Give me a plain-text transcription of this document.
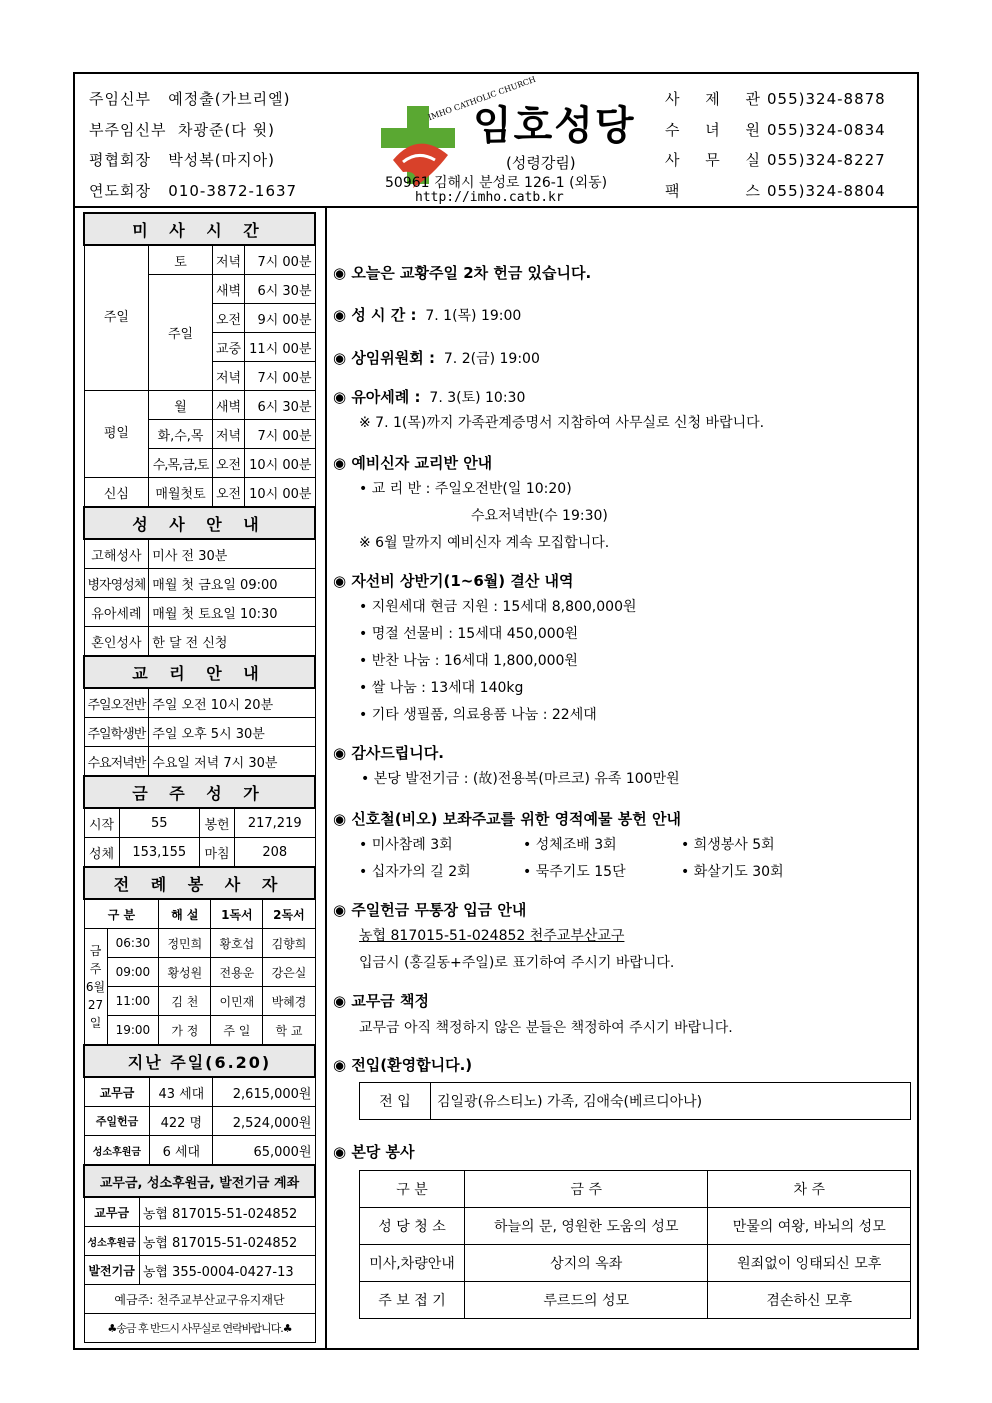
주임신부 예정출(가브리엘)
부주임신부 차광준(다 윗)
평협회장 박성복(마지아)
연도회장 010-3872-1637
IMHO CATHOLIC CHURCH
임호성당
(성령강림)
50961 김해시 분성로 126-1 (외동)
http://imho.catb.kr
사 제 관 055)324-8878
수 녀 원 055)324-0834
사 무 실 055)324-8227
팩 스 055)324-8804
미 사 시 간			
주일	토	저녁	7시 00분
	주일	새벽	6시 30분
		오전	9시 00분
		교중	11시 00분
		저녁	7시 00분
평일	월	새벽	6시 30분
	화,수,목	저녁	7시 00분
	수,목,금,토	오전	10시 00분
신심	매월첫토	오전	10시 00분
성 사 안 내			
고해성사	미사 전 30분		
병자영성체	매월 첫 금요일 09:00		
유아세례	매월 첫 토요일 10:30		
혼인성사	한 달 전 신청		
교 리 안 내			
주일오전반	주일 오전 10시 20분		
주일학생반	주일 오후 5시 30분		
수요저녁반	수요일 저녁 7시 30분		
금 주 성 가			
시작	55	봉헌	217,219
성체	153,155	마침	208
전 례 봉 사 자				
구 분		해 설	1독서	2독서
금주 6월 27일	06:30	정민희	황호섭	김향희
	09:00	황성원	전용운	강은실
	11:00	김 천	이민재	박혜경
	19:00	가 정	주 일	학 교
지난 주일(6.20)		
교무금	43 세대	2,615,000원
주일헌금	422 명	2,524,000원
성소후원금	6 세대	65,000원
교무금, 성소후원금, 발전기금 계좌	
교무금	농협 817015-51-024852
성소후원금	농협 817015-51-024852
발전기금	농협 355-0004-0427-13
예금주: 천주교부산교구유지재단	
♣송금 후 반드시 사무실로 연락바랍니다.♣	
◉ 오늘은 교황주일 2차 헌금 있습니다.
◉ 성 시 간 : 7. 1(목) 19:00
◉ 상임위원회 : 7. 2(금) 19:00
◉ 유아세례 : 7. 3(토) 10:30
※ 7. 1(목)까지 가족관계증명서 지참하여 사무실로 신청 바랍니다.
◉ 예비신자 교리반 안내
• 교 리 반 : 주일오전반(일 10:20)
수요저녁반(수 19:30)
※ 6월 말까지 예비신자 계속 모집합니다.
◉ 자선비 상반기(1~6월) 결산 내역
• 지원세대 현금 지원 : 15세대 8,800,000원
• 명절 선물비 : 15세대 450,000원
• 반찬 나눔 : 16세대 1,800,000원
• 쌀 나눔 : 13세대 140kg
• 기타 생필품, 의료용품 나눔 : 22세대
◉ 감사드립니다.
• 본당 발전기금 : (故)전용복(마르코) 유족 100만원
◉ 신호철(비오) 보좌주교를 위한 영적예물 봉헌 안내
• 미사참례 3회	• 성체조배 3회	• 희생봉사 5회
• 십자가의 길 2회	• 묵주기도 15단	• 화살기도 30회
◉ 주일헌금 무통장 입금 안내
농협 817015-51-024852 천주교부산교구
입금시 (홍길동+주일)로 표기하여 주시기 바랍니다.
◉ 교무금 책정
교무금 아직 책정하지 않은 분들은 책정하여 주시기 바랍니다.
◉ 전입(환영합니다.)
전 입	김일광(유스티노) 가족, 김애숙(베르디아나)
◉ 본당 봉사
구 분	금 주	차 주
성 당 청 소	하늘의 문, 영원한 도움의 성모	만물의 여왕, 바뇌의 성모
미사,차량안내	상지의 옥좌	원죄없이 잉태되신 모후
주 보 접 기	루르드의 성모	겸손하신 모후
